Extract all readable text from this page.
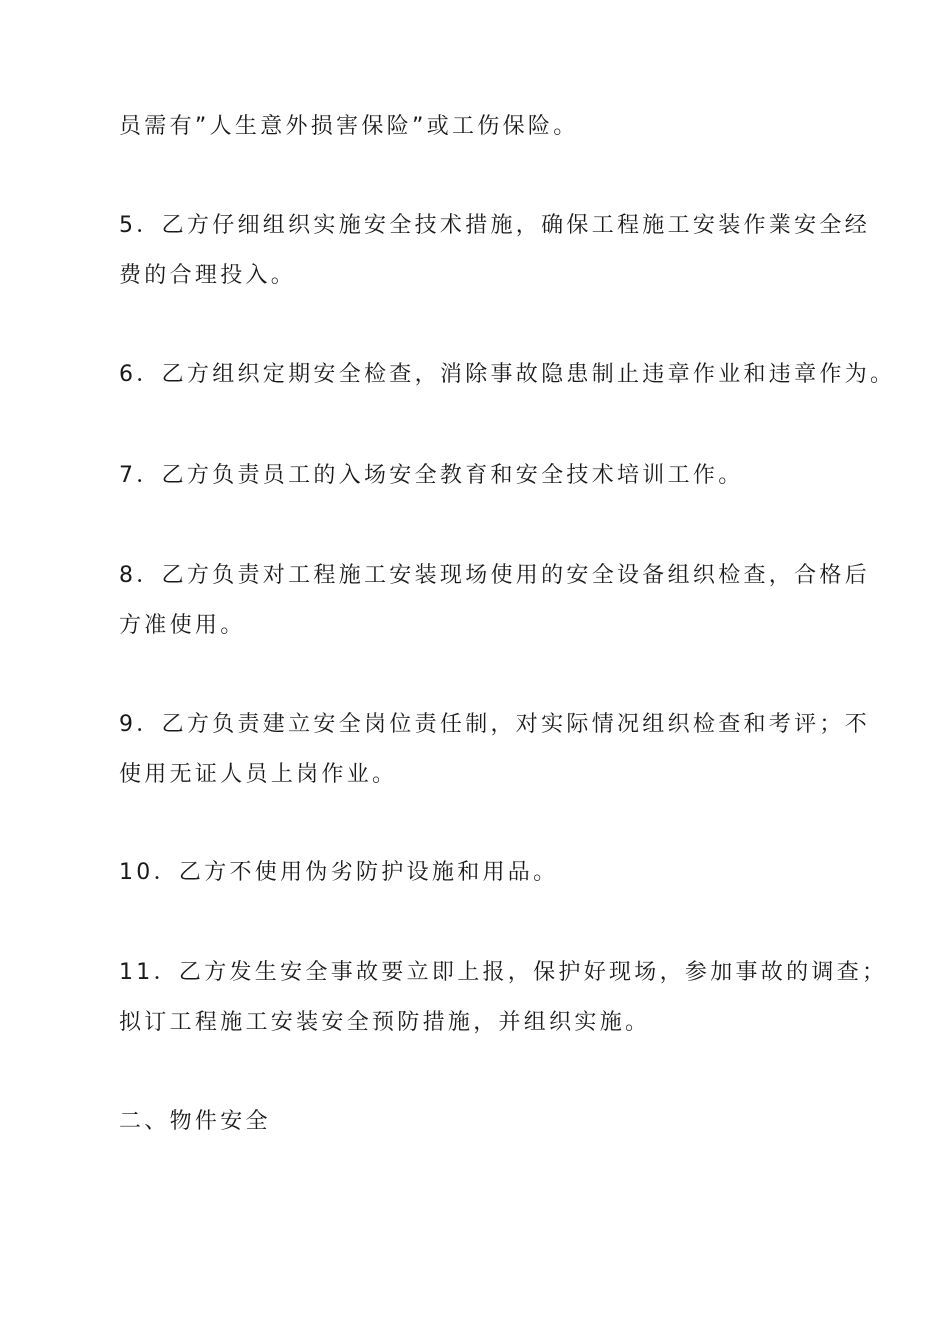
员需有”人生意外损害保险”或工伤保险。

5．乙方仔细组织实施安全技术措施，确保工程施工安装作業安全经

费的合理投入。

6．乙方组织定期安全检查，消除事故隐患制止违章作业和违章作为。

7．乙方负责员工的入场安全教育和安全技术培训工作。

8．乙方负责对工程施工安装现场使用的安全设备组织检查，合格后

方准使用。

9．乙方负责建立安全岗位责任制，对实际情况组织检查和考评；不

使用无证人员上岗作业。

10．乙方不使用伪劣防护设施和用品。

11．乙方发生安全事故要立即上报，保护好现场，参加事故的调查；

拟订工程施工安装安全预防措施，并组织实施。

二、物件安全
